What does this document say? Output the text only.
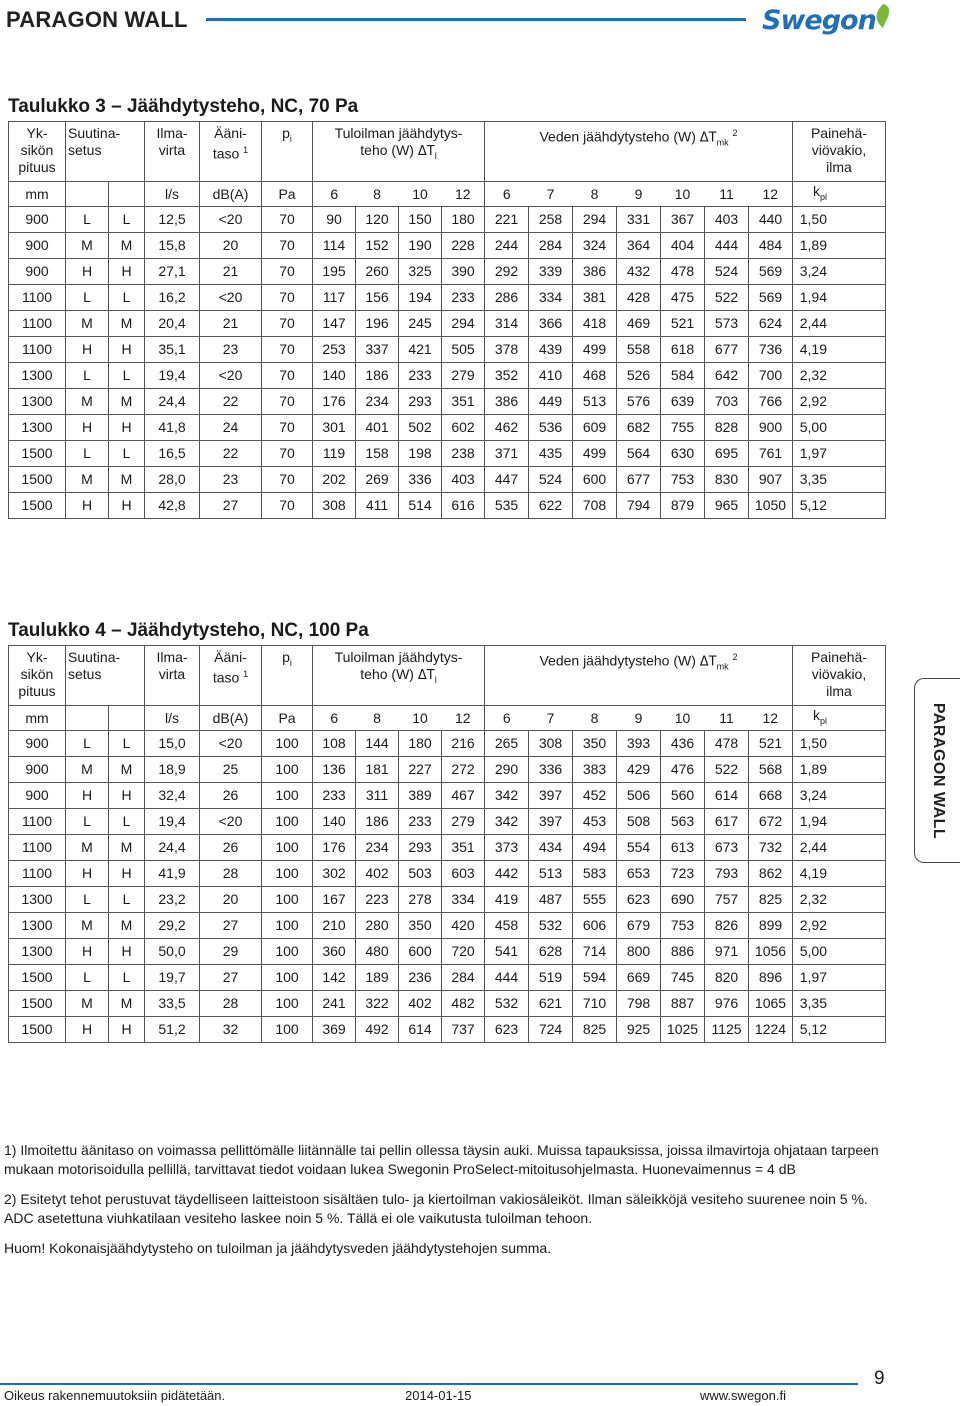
PARAGON WALL	Swegon
Taulukko 3 – Jäähdytysteho, NC, 70 Pa
Yk-
sikön
pituus	Suutina-
setus		Ilma-
virta	Ääni-
taso $^1$	$p_i$	Tuloilman jäähdytys-
teho (W) $\Delta T_l$				Veden jäähdytysteho (W) $\Delta T_{mk}$ $^2$							Painehä-
viövakio,
ilma
mm			l/s	dB(A)	Pa	6	8	10	12	6	7	8	9	10	11	12	$k_{pl}$
900	L	L	12,5	<20	70	90	120	150	180	221	258	294	331	367	403	440	1,50
900	M	M	15,8	20	70	114	152	190	228	244	284	324	364	404	444	484	1,89
900	H	H	27,1	21	70	195	260	325	390	292	339	386	432	478	524	569	3,24
1100	L	L	16,2	<20	70	117	156	194	233	286	334	381	428	475	522	569	1,94
1100	M	M	20,4	21	70	147	196	245	294	314	366	418	469	521	573	624	2,44
1100	H	H	35,1	23	70	253	337	421	505	378	439	499	558	618	677	736	4,19
1300	L	L	19,4	<20	70	140	186	233	279	352	410	468	526	584	642	700	2,32
1300	M	M	24,4	22	70	176	234	293	351	386	449	513	576	639	703	766	2,92
1300	H	H	41,8	24	70	301	401	502	602	462	536	609	682	755	828	900	5,00
1500	L	L	16,5	22	70	119	158	198	238	371	435	499	564	630	695	761	1,97
1500	M	M	28,0	23	70	202	269	336	403	447	524	600	677	753	830	907	3,35
1500	H	H	42,8	27	70	308	411	514	616	535	622	708	794	879	965	1050	5,12
Taulukko 4 – Jäähdytysteho, NC, 100 Pa
Yk-
sikön
pituus	Suutina-
setus		Ilma-
virta	Ääni-
taso $^1$	$p_i$	Tuloilman jäähdytys-
teho (W) $\Delta T_l$				Veden jäähdytysteho (W) $\Delta T_{mk}$ $^2$							Painehä-
viövakio,
ilma
mm			l/s	dB(A)	Pa	6	8	10	12	6	7	8	9	10	11	12	$k_{pl}$
900	L	L	15,0	<20	100	108	144	180	216	265	308	350	393	436	478	521	1,50
900	M	M	18,9	25	100	136	181	227	272	290	336	383	429	476	522	568	1,89
900	H	H	32,4	26	100	233	311	389	467	342	397	452	506	560	614	668	3,24
1100	L	L	19,4	<20	100	140	186	233	279	342	397	453	508	563	617	672	1,94
1100	M	M	24,4	26	100	176	234	293	351	373	434	494	554	613	673	732	2,44
1100	H	H	41,9	28	100	302	402	503	603	442	513	583	653	723	793	862	4,19
1300	L	L	23,2	20	100	167	223	278	334	419	487	555	623	690	757	825	2,32
1300	M	M	29,2	27	100	210	280	350	420	458	532	606	679	753	826	899	2,92
1300	H	H	50,0	29	100	360	480	600	720	541	628	714	800	886	971	1056	5,00
1500	L	L	19,7	27	100	142	189	236	284	444	519	594	669	745	820	896	1,97
1500	M	M	33,5	28	100	241	322	402	482	532	621	710	798	887	976	1065	3,35
1500	H	H	51,2	32	100	369	492	614	737	623	724	825	925	1025	1125	1224	5,12
PARAGON WALL

1) Ilmoitettu äänitaso on voimassa pellittömälle liitännälle tai pellin ollessa täysin auki. Muissa tapauksissa, joissa ilmavirtoja ohjataan tarpeen mukaan motorisoidulla pellillä, tarvittavat tiedot voidaan lukea Swegonin ProSelect-mitoitusohjelmasta. Huonevaimennus = 4 dB

2) Esitetyt tehot perustuvat täydelliseen laitteistoon sisältäen tulo- ja kiertoilman vakiosäleiköt. Ilman säleikköjä vesiteho suurenee noin 5 %. ADC asetettuna viuhkatilaan vesiteho laskee noin 5 %. Tällä ei ole vaikutusta tuloilman tehoon.

Huom! Kokonaisjäähdytysteho on tuloilman ja jäähdytysveden jäähdytystehojen summa.

Oikeus rakennemuutoksiin pidätetään.	2014-01-15	www.swegon.fi
9
